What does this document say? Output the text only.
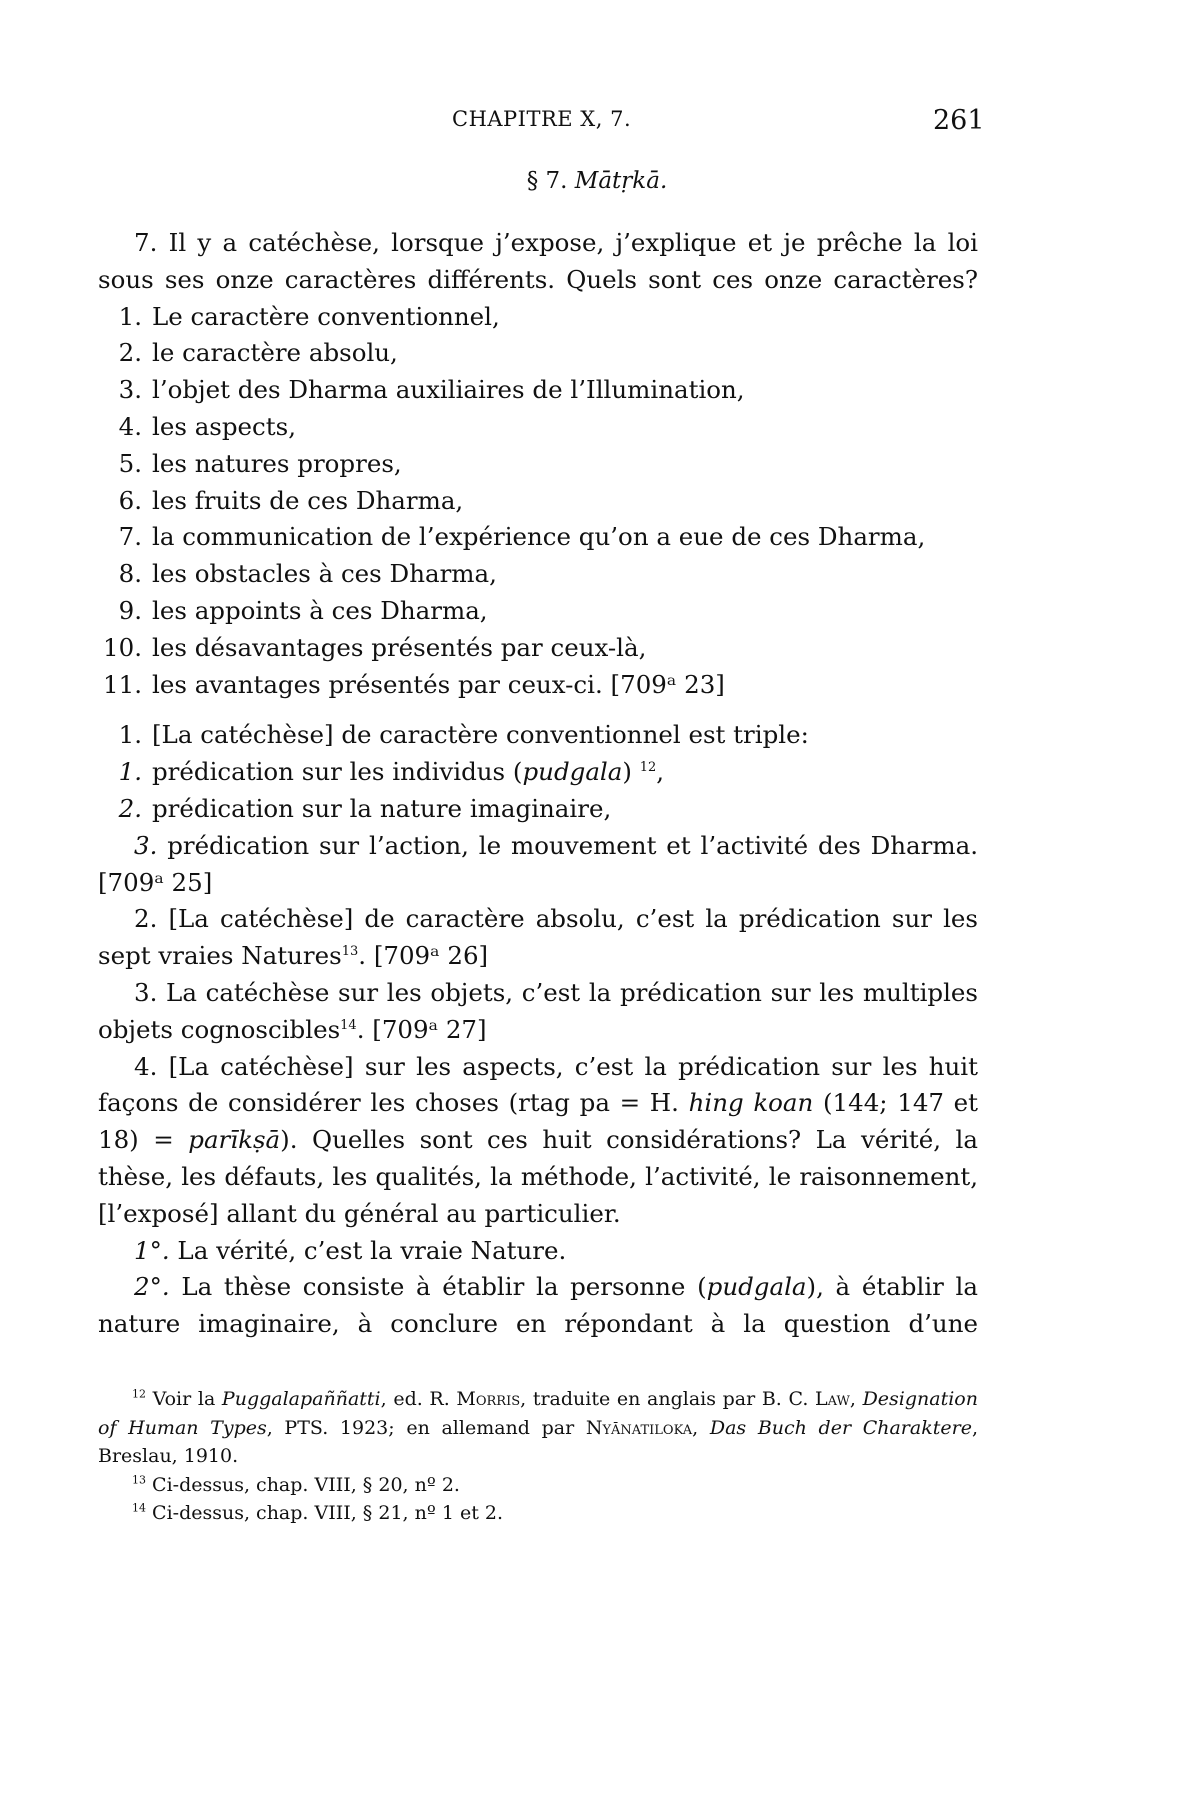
CHAPITRE X, 7.	261
§ 7. Mātṛkā.

7. Il y a catéchèse, lorsque j’expose, j’explique et je prêche la loi sous ses onze caractères différents. Quels sont ces onze caractères?

1. Le caractère conventionnel,
2. le caractère absolu,
3. l’objet des Dharma auxiliaires de l’Illumination,
4. les aspects,
5. les natures propres,
6. les fruits de ces Dharma,
7. la communication de l’expérience qu’on a eue de ces Dharma,
8. les obstacles à ces Dharma,
9. les appoints à ces Dharma,
10. les désavantages présentés par ceux-là,
11. les avantages présentés par ceux-ci. [709ᵃ 23]
1. [La catéchèse] de caractère conventionnel est triple:
1. prédication sur les individus (pudgala) $^{12}$,
2. prédication sur la nature imaginaire,

3. prédication sur l’action, le mouvement et l’activité des Dharma. [709ᵃ 25]

2. [La catéchèse] de caractère absolu, c’est la prédication sur les sept vraies Natures$^{13}$. [709ᵃ 26]

3. La catéchèse sur les objets, c’est la prédication sur les multiples objets cognoscibles$^{14}$. [709ᵃ 27]

4. [La catéchèse] sur les aspects, c’est la prédication sur les huit façons de considérer les choses (rtag pa = H. hing koan (144; 147 et 18) = parīkṣā). Quelles sont ces huit considérations? La vérité, la thèse, les défauts, les qualités, la méthode, l’activité, le raisonnement, [l’exposé] allant du général au particulier.

1°. La vérité, c’est la vraie Nature.

2°. La thèse consiste à établir la personne (pudgala), à établir la nature imaginaire, à conclure en répondant à la question d’une

$^{12}$ Voir la Puggalapaññatti, ed. R. Morris, traduite en anglais par B. C. Law, Designation of Human Types, PTS. 1923; en allemand par Nyānatiloka, Das Buch der Charaktere, Breslau, 1910.

$^{13}$ Ci-dessus, chap. VIII, § 20, nº 2.

$^{14}$ Ci-dessus, chap. VIII, § 21, nº 1 et 2.
